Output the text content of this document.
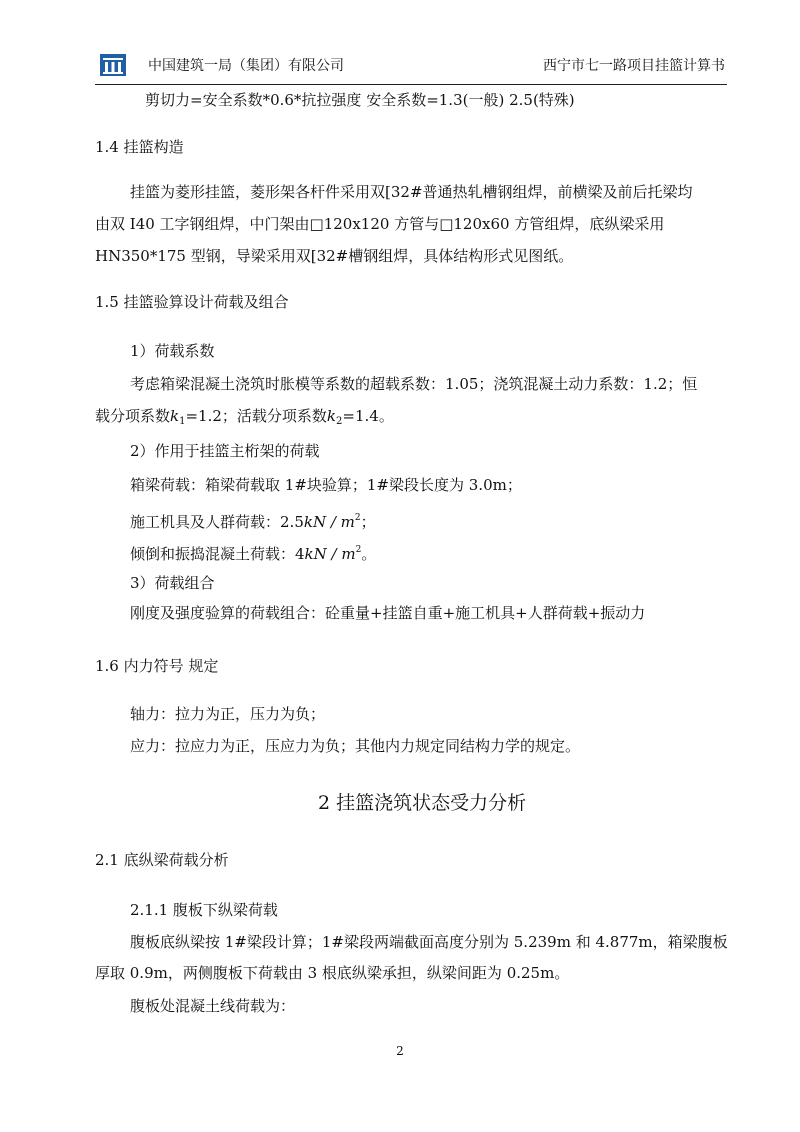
中国建筑一局（集团）有限公司	西宁市七一路项目挂篮计算书
剪切力=安全系数*0.6*抗拉强度 安全系数=1.3(一般) 2.5(特殊)
1.4 挂篮构造
挂篮为菱形挂篮，菱形架各杆件采用双[32#普通热轧槽钢组焊，前横梁及前后托梁均
由双 I40 工字钢组焊，中门架由□120x120 方管与□120x60 方管组焊，底纵梁采用
HN350*175 型钢，导梁采用双[32#槽钢组焊，具体结构形式见图纸。
1.5 挂篮验算设计荷载及组合
1）荷载系数
考虑箱梁混凝土浇筑时胀模等系数的超载系数：1.05；浇筑混凝土动力系数：1.2；恒
载分项系数$k_1=1.2$；活载分项系数$k_2=1.4$。
2）作用于挂篮主桁架的荷载
箱梁荷载：箱梁荷载取 1#块验算；1#梁段长度为 3.0m；
施工机具及人群荷载：$2.5kN / m^2$；
倾倒和振捣混凝土荷载：$4kN / m^2$。
3）荷载组合
刚度及强度验算的荷载组合：砼重量+挂篮自重+施工机具+人群荷载+振动力
1.6 内力符号 规定
轴力：拉力为正，压力为负；
应力：拉应力为正，压应力为负；其他内力规定同结构力学的规定。
2 挂篮浇筑状态受力分析
2.1 底纵梁荷载分析
2.1.1 腹板下纵梁荷载
腹板底纵梁按 1#梁段计算；1#梁段两端截面高度分别为 5.239m 和 4.877m，箱梁腹板
厚取 0.9m，两侧腹板下荷载由 3 根底纵梁承担，纵梁间距为 0.25m。
腹板处混凝土线荷载为：
2
